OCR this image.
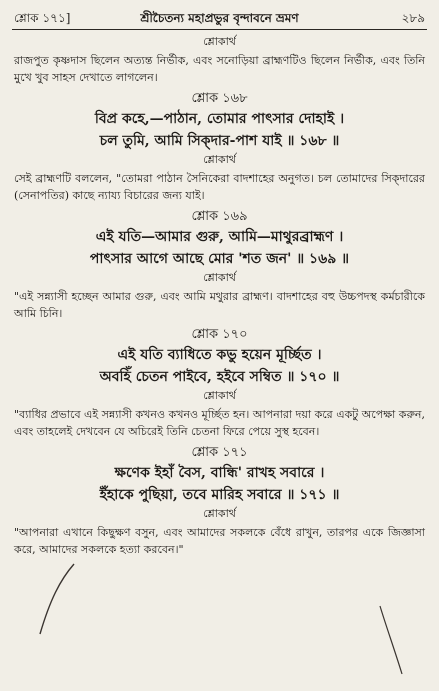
শ্লোক ১৭১]	শ্রীচৈতন্য মহাপ্রভুর বৃন্দাবনে ভ্রমণ	২৮৯
শ্লোকার্থ
রাজপুত কৃষ্ণদাস ছিলেন অত্যন্ত নির্ভীক, এবং সনোড়িয়া ব্রাহ্মণটিও ছিলেন নির্ভীক, এবং তিনি মুখে খুব সাহস দেখাতে লাগলেন।
শ্লোক ১৬৮
বিপ্র কহে,—পাঠান, তোমার পাৎসার দোহাই ।
চল তুমি, আমি সিক্দার-পাশ যাই ॥ ১৬৮ ॥
শ্লোকার্থ
সেই ব্রাহ্মণটি বললেন, "তোমরা পাঠান সৈনিকেরা বাদশাহের অনুগত। চল তোমাদের সিক্দারের (সেনাপতির) কাছে ন্যায্য বিচারের জন্য যাই।
শ্লোক ১৬৯
এই যতি—আমার গুরু, আমি—মাথুরব্রাহ্মণ ।
পাৎসার আগে আছে মোর 'শত জন' ॥ ১৬৯ ॥
শ্লোকার্থ
"এই সন্ন্যাসী হচ্ছেন আমার গুরু, এবং আমি মথুরার ব্রাহ্মণ। বাদশাহের বহু উচ্চপদস্থ কর্মচারীকে আমি চিনি।
শ্লোক ১৭০
এই যতি ব্যাধিতে কভু হয়েন মূর্চ্ছিত ।
অবহিঁ চেতন পাইবে, হইবে সম্বিত ॥ ১৭০ ॥
শ্লোকার্থ
"ব্যাধির প্রভাবে এই সন্ন্যাসী কখনও কখনও মূর্চ্ছিত হন। আপনারা দয়া করে একটু অপেক্ষা করুন, এবং তাহলেই দেখবেন যে অচিরেই তিনি চেতনা ফিরে পেয়ে সুস্থ হবেন।
শ্লোক ১৭১
ক্ষণেক ইহাঁ বৈস, বান্ধি' রাখহ সবারে ।
ইঁহাকে পুছিয়া, তবে মারিহ সবারে ॥ ১৭১ ॥
শ্লোকার্থ
"আপনারা এখানে কিছুক্ষণ বসুন, এবং আমাদের সকলকে বেঁধে রাখুন, তারপর একে জিজ্ঞাসা করে, আমাদের সকলকে হত্যা করবেন।"
